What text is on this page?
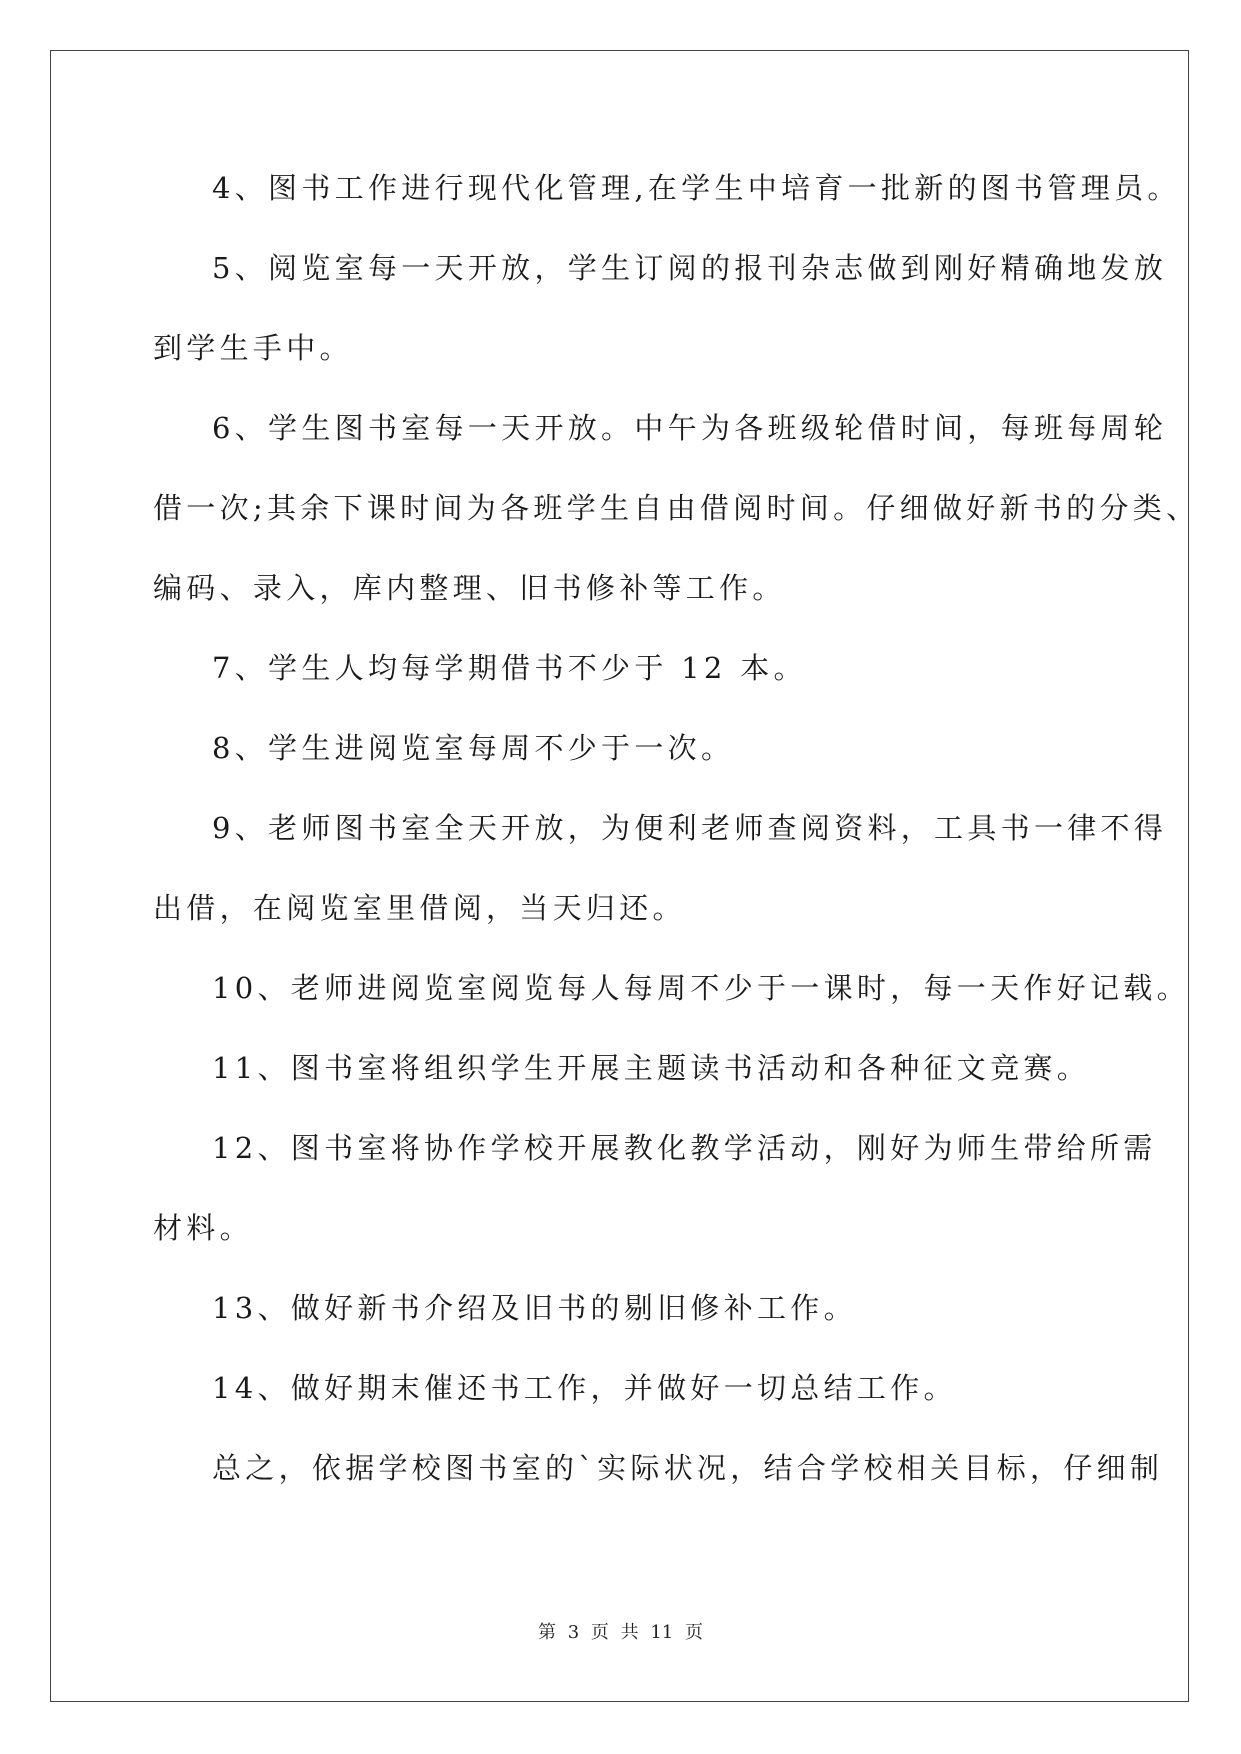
4、图书工作进行现代化管理,在学生中培育一批新的图书管理员。
5、阅览室每一天开放，学生订阅的报刊杂志做到刚好精确地发放
到学生手中。
6、学生图书室每一天开放。中午为各班级轮借时间，每班每周轮
借一次;其余下课时间为各班学生自由借阅时间。仔细做好新书的分类、
编码、录入，库内整理、旧书修补等工作。
7、学生人均每学期借书不少于 12 本。
8、学生进阅览室每周不少于一次。
9、老师图书室全天开放，为便利老师查阅资料，工具书一律不得
出借，在阅览室里借阅，当天归还。
10、老师进阅览室阅览每人每周不少于一课时，每一天作好记载。
11、图书室将组织学生开展主题读书活动和各种征文竞赛。
12、图书室将协作学校开展教化教学活动，刚好为师生带给所需
材料。
13、做好新书介绍及旧书的剔旧修补工作。
14、做好期末催还书工作，并做好一切总结工作。
总之，依据学校图书室的`实际状况，结合学校相关目标，仔细制
第 3 页 共 11 页
